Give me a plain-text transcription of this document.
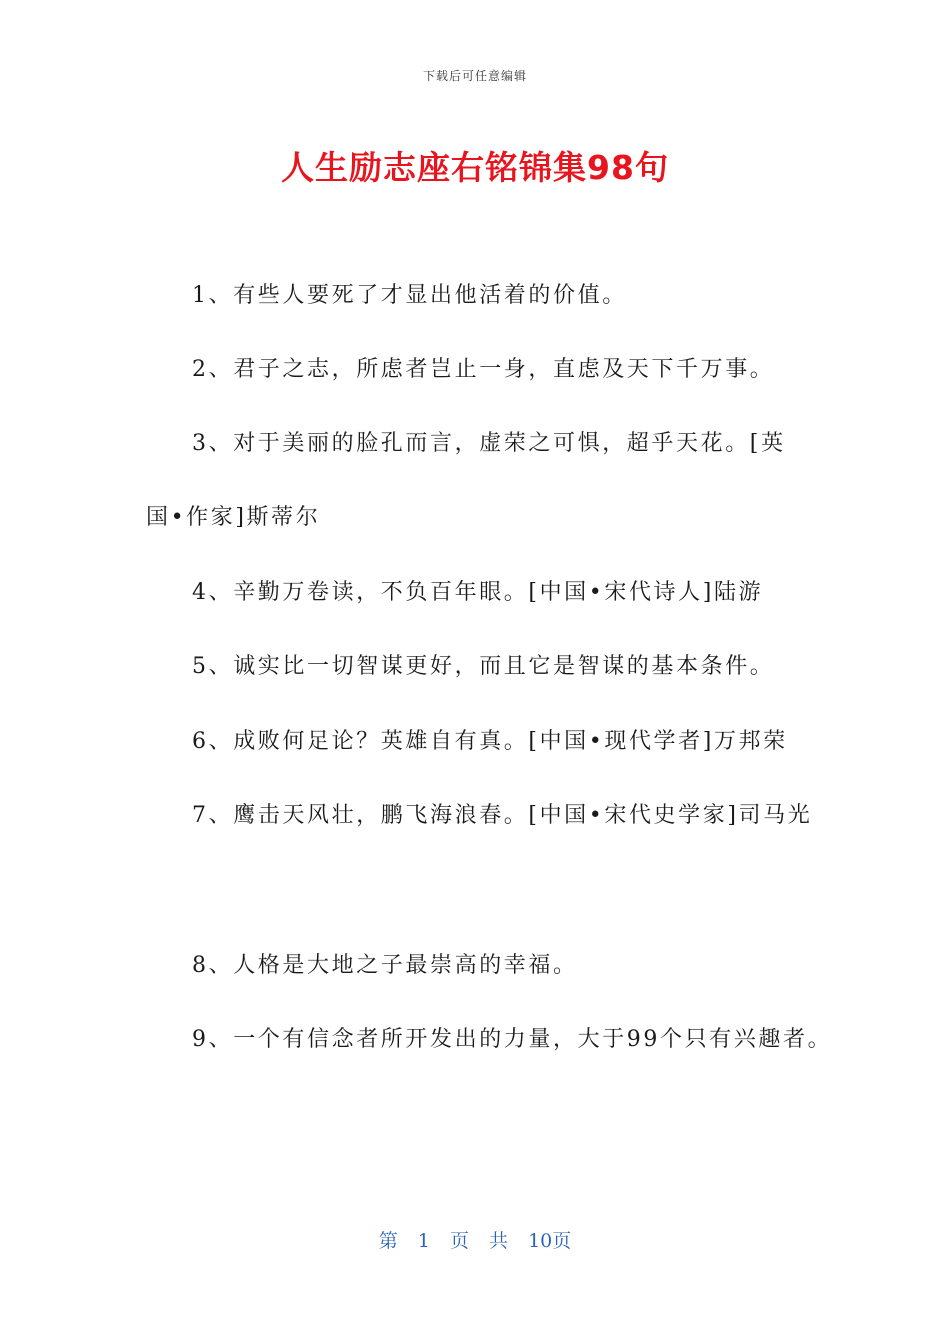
下载后可任意编辑
人生励志座右铭锦集98句
1、有些人要死了才显出他活着的价值。
2、君子之志，所虑者岂止一身，直虑及天下千万事。
3、对于美丽的脸孔而言，虚荣之可惧，超乎天花。[英
国•作家]斯蒂尔
4、辛勤万卷读，不负百年眼。[中国•宋代诗人]陆游
5、诚实比一切智谋更好，而且它是智谋的基本条件。
6、成败何足论？英雄自有真。[中国•现代学者]万邦荣
7、鹰击天风壮，鹏飞海浪春。[中国•宋代史学家]司马光
8、人格是大地之子最崇高的幸福。
9、一个有信念者所开发出的力量，大于99个只有兴趣者。
第 1 页 共 10页
